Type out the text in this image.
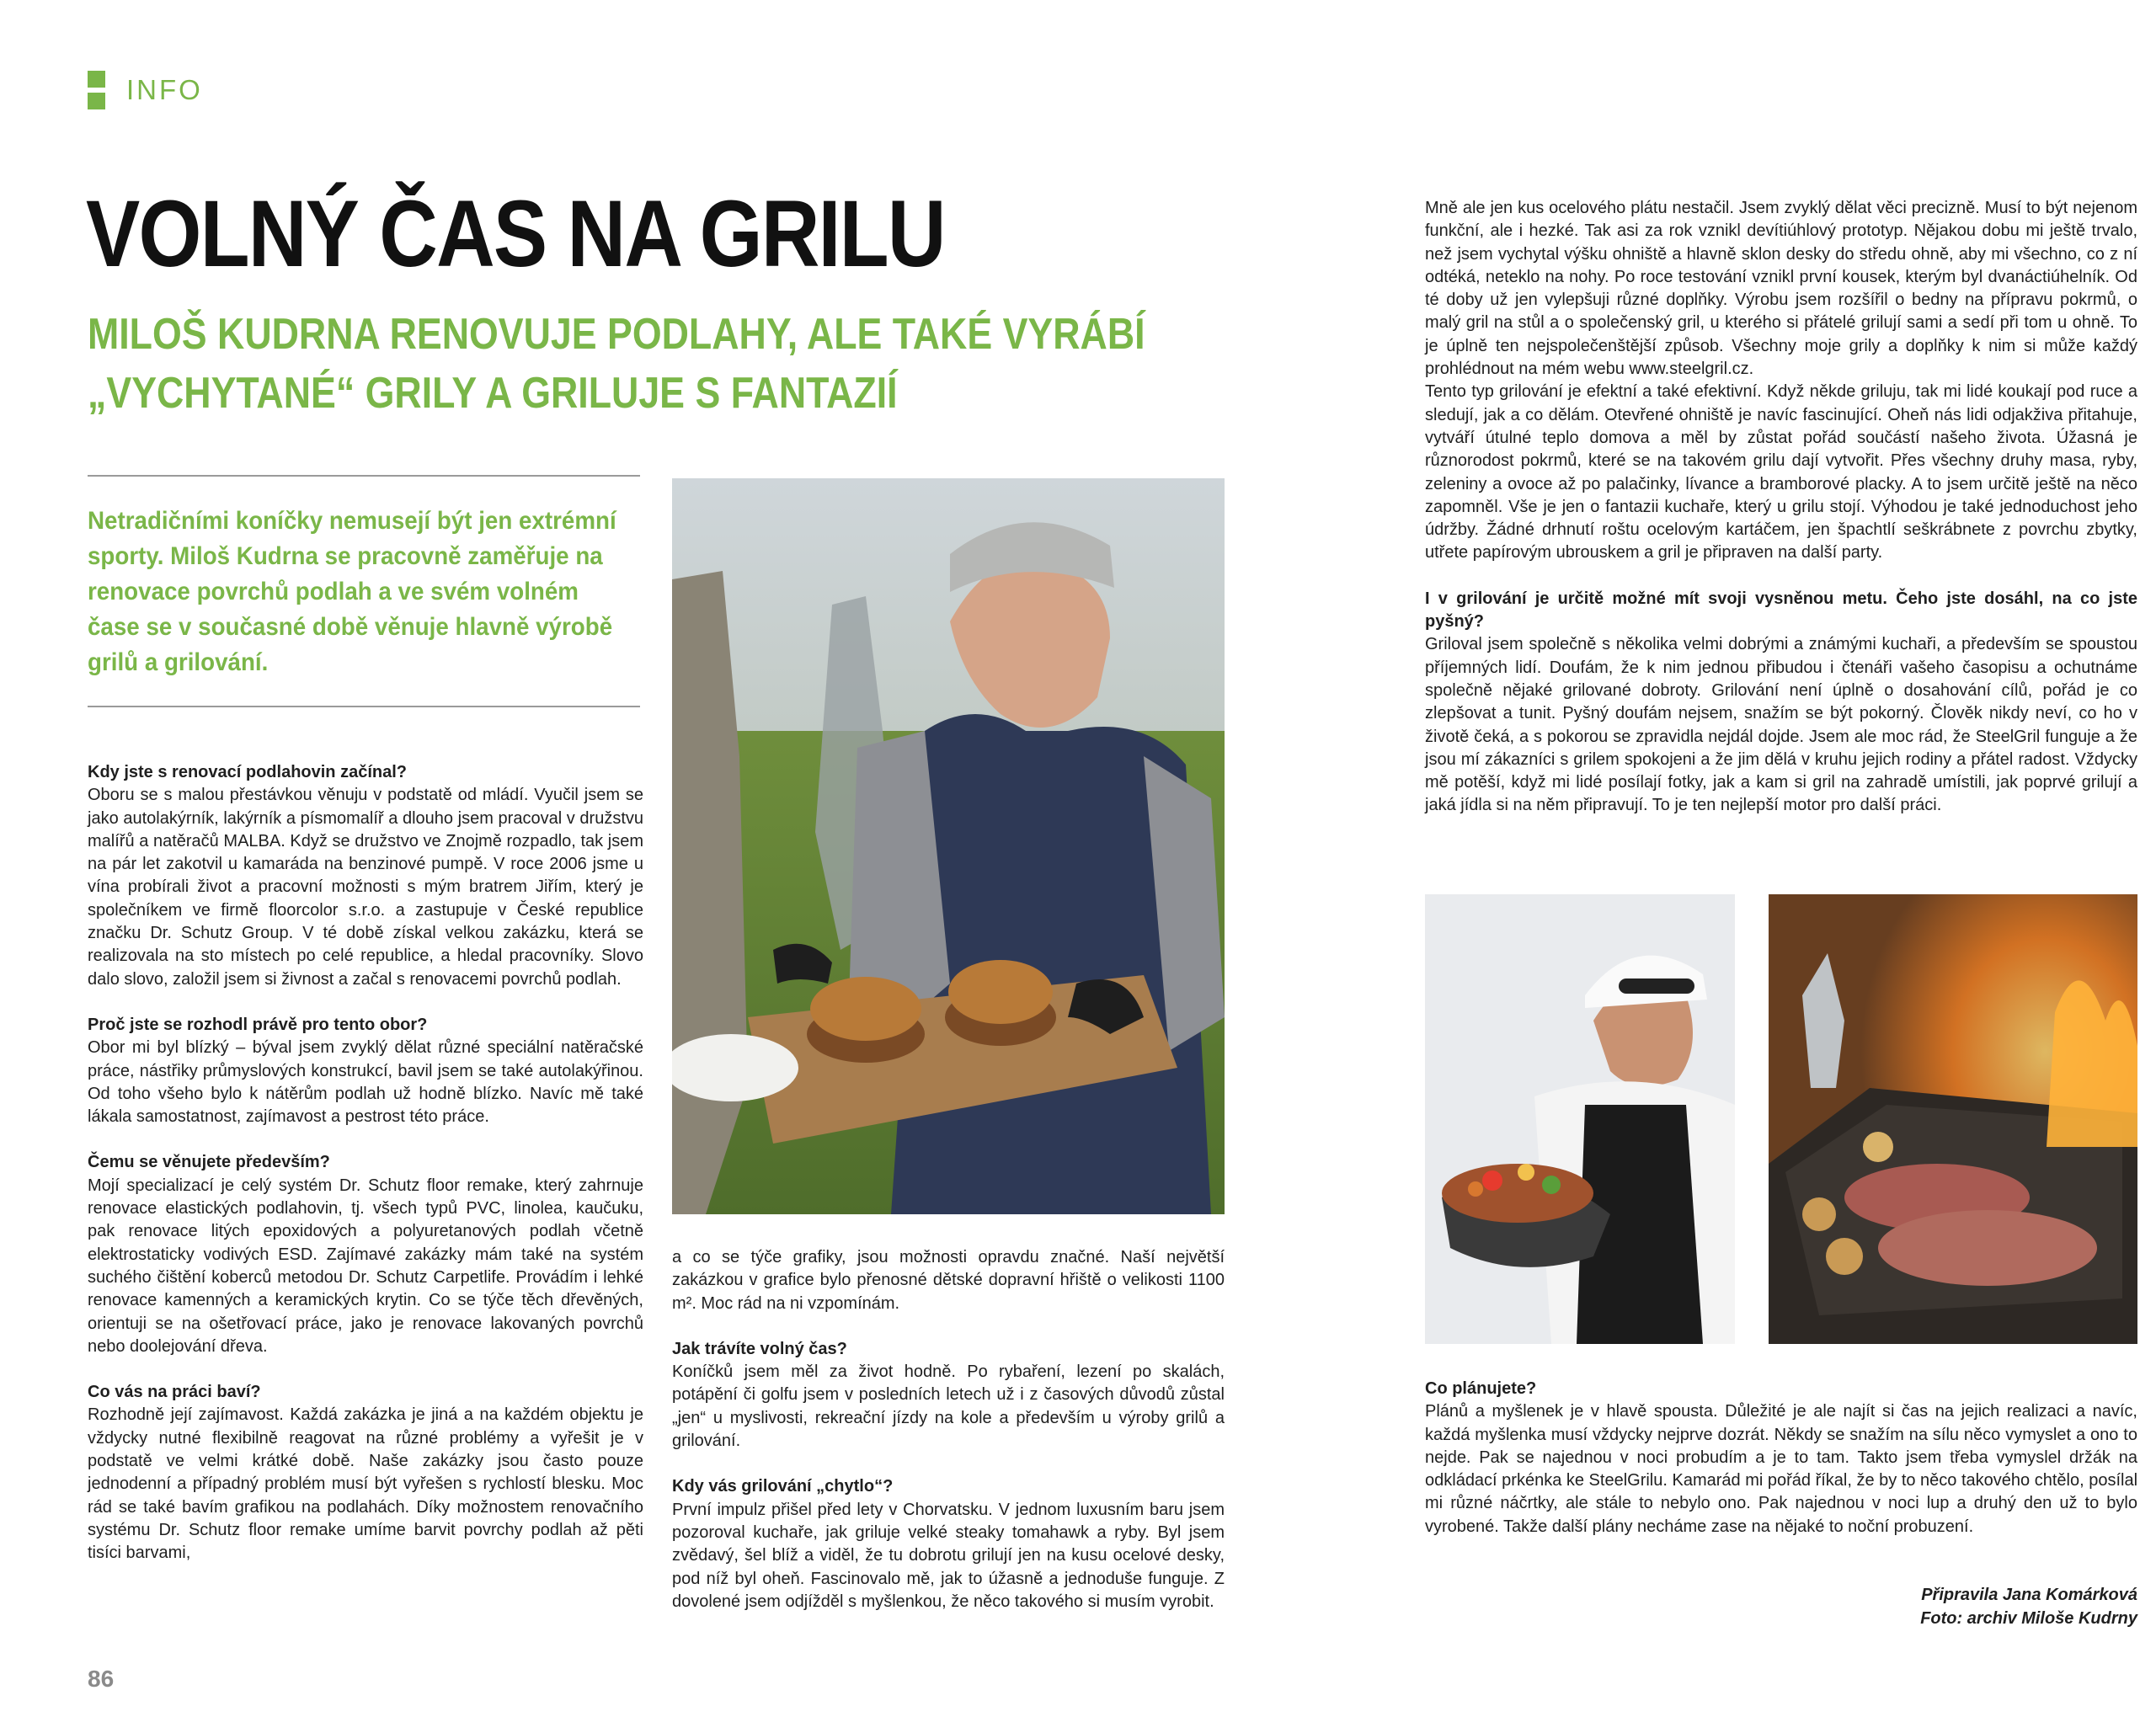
INFO
VOLNÝ ČAS NA GRILU
MILOŠ KUDRNA RENOVUJE PODLAHY, ALE TAKÉ VYRÁBÍ „VYCHYTANÉ“ GRILY A GRILUJE S FANTAZIÍ
Netradičními koníčky nemusejí být jen extrémní sporty. Miloš Kudrna se pracovně zaměřuje na renovace povrchů podlah a ve svém volném čase se v současné době věnuje hlavně výrobě grilů a grilování.
Kdy jste s renovací podlahovin začínal?

Oboru se s malou přestávkou věnuju v podstatě od mládí. Vyučil jsem se jako autolakýrník, lakýrník a písmomalíř a dlouho jsem pracoval v družstvu malířů a natěračů MALBA. Když se družstvo ve Znojmě rozpadlo, tak jsem na pár let zakotvil u kamaráda na benzinové pumpě. V roce 2006 jsme u vína probírali život a pracovní možnosti s mým bratrem Jiřím, který je společníkem ve firmě floorcolor s.r.o. a zastupuje v České republice značku Dr. Schutz Group. V té době získal velkou zakázku, která se realizovala na sto místech po celé republice, a hledal pracovníky. Slovo dalo slovo, založil jsem si živnost a začal s renovacemi povrchů podlah.

Proč jste se rozhodl právě pro tento obor?

Obor mi byl blízký – býval jsem zvyklý dělat různé speciální natěračské práce, nástřiky průmyslových konstrukcí, bavil jsem se také autolakýřinou. Od toho všeho bylo k nátěrům podlah už hodně blízko. Navíc mě také lákala samostatnost, zajímavost a pestrost této práce.

Čemu se věnujete především?

Mojí specializací je celý systém Dr. Schutz floor remake, který zahrnuje renovace elastických podlahovin, tj. všech typů PVC, linolea, kaučuku, pak renovace litých epoxidových a polyuretanových podlah včetně elektrostaticky vodivých ESD. Zajímavé zakázky mám také na systém suchého čištění koberců metodou Dr. Schutz Carpetlife. Provádím i lehké renovace kamenných a keramických krytin. Co se týče těch dřevěných, orientuji se na ošetřovací práce, jako je renovace lakovaných povrchů nebo doolejování dřeva.

Co vás na práci baví?

Rozhodně její zajímavost. Každá zakázka je jiná a na každém objektu je vždycky nutné flexibilně reagovat na různé problémy a vyřešit je v podstatě ve velmi krátké době. Naše zakázky jsou často pouze jednodenní a případný problém musí být vyřešen s rychlostí blesku. Moc rád se také bavím grafikou na podlahách. Díky možnostem renovačního systému Dr. Schutz floor remake umíme barvit povrchy podlah až pěti tisíci barvami,

a co se týče grafiky, jsou možnosti opravdu značné. Naší největší zakázkou v grafice bylo přenosné dětské dopravní hřiště o velikosti 1100 m². Moc rád na ni vzpomínám.

Jak trávíte volný čas?

Koníčků jsem měl za život hodně. Po rybaření, lezení po skalách, potápění či golfu jsem v posledních letech už i z časových důvodů zůstal „jen“ u myslivosti, rekreační jízdy na kole a především u výroby grilů a grilování.

Kdy vás grilování „chytlo“?

První impulz přišel před lety v Chorvatsku. V jednom luxusním baru jsem pozoroval kuchaře, jak griluje velké steaky tomahawk a ryby. Byl jsem zvědavý, šel blíž a viděl, že tu dobrotu grilují jen na kusu ocelové desky, pod níž byl oheň. Fascinovalo mě, jak to úžasně a jednoduše funguje. Z dovolené jsem odjížděl s myšlenkou, že něco takového si musím vyrobit.

Mně ale jen kus ocelového plátu nestačil. Jsem zvyklý dělat věci precizně. Musí to být nejenom funkční, ale i hezké. Tak asi za rok vznikl devítiúhlový prototyp. Nějakou dobu mi ještě trvalo, než jsem vychytal výšku ohniště a hlavně sklon desky do středu ohně, aby mi všechno, co z ní odtéká, neteklo na nohy. Po roce testování vznikl první kousek, kterým byl dvanáctiúhelník. Od té doby už jen vylepšuji různé doplňky. Výrobu jsem rozšířil o bedny na přípravu pokrmů, o malý gril na stůl a o společenský gril, u kterého si přátelé grilují sami a sedí při tom u ohně. To je úplně ten nejspolečenštější způsob. Všechny moje grily a doplňky k nim si může každý prohlédnout na mém webu www.steelgril.cz.

Tento typ grilování je efektní a také efektivní. Když někde griluju, tak mi lidé koukají pod ruce a sledují, jak a co dělám. Otevřené ohniště je navíc fascinující. Oheň nás lidi odjakživa přitahuje, vytváří útulné teplo domova a měl by zůstat pořád součástí našeho života. Úžasná je různorodost pokrmů, které se na takovém grilu dají vytvořit. Přes všechny druhy masa, ryby, zeleniny a ovoce až po palačinky, lívance a bramborové placky. A to jsem určitě ještě na něco zapomněl. Vše je jen o fantazii kuchaře, který u grilu stojí. Výhodou je také jednoduchost jeho údržby. Žádné drhnutí roštu ocelovým kartáčem, jen špachtlí seškrábnete z povrchu zbytky, utřete papírovým ubrouskem a gril je připraven na další party.

I v grilování je určitě možné mít svoji vysněnou metu. Čeho jste dosáhl, na co jste pyšný?

Griloval jsem společně s několika velmi dobrými a známými kuchaři, a především se spoustou příjemných lidí. Doufám, že k nim jednou přibudou i čtenáři vašeho časopisu a ochutnáme společně nějaké grilované dobroty. Grilování není úplně o dosahování cílů, pořád je co zlepšovat a tunit. Pyšný doufám nejsem, snažím se být pokorný. Člověk nikdy neví, co ho v životě čeká, a s pokorou se zpravidla nejdál dojde. Jsem ale moc rád, že SteelGril funguje a že jsou mí zákazníci s grilem spokojeni a že jim dělá v kruhu jejich rodiny a přátel radost. Vždycky mě potěší, když mi lidé posílají fotky, jak a kam si gril na zahradě umístili, jak poprvé grilují a jaká jídla si na něm připravují. To je ten nejlepší motor pro další práci.

Co plánujete?

Plánů a myšlenek je v hlavě spousta. Důležité je ale najít si čas na jejich realizaci a navíc, každá myšlenka musí vždycky nejprve dozrát. Někdy se snažím na sílu něco vymyslet a ono to nejde. Pak se najednou v noci probudím a je to tam. Takto jsem třeba vymyslel držák na odkládací prkénka ke SteelGrilu. Kamarád mi pořád říkal, že by to něco takového chtělo, posílal mi různé náčrtky, ale stále to nebylo ono. Pak najednou v noci lup a druhý den už to bylo vyrobené. Takže další plány necháme zase na nějaké to noční probuzení.

Připravila Jana Komárková
Foto: archiv Miloše Kudrny
86
